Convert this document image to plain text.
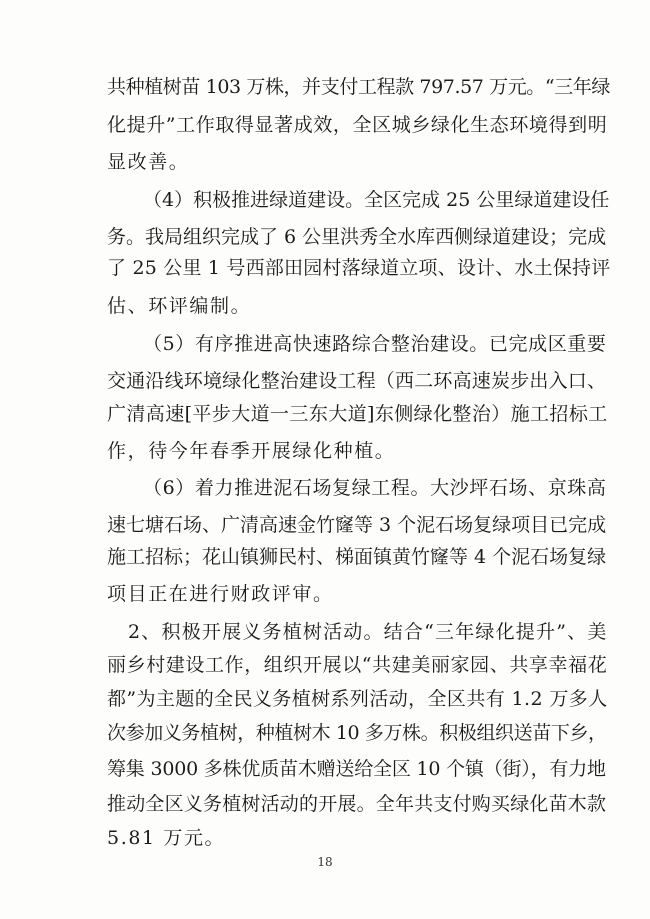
共种植树苗 103 万株，并支付工程款 797.57 万元。“三年绿
化提升”工作取得显著成效，全区城乡绿化生态环境得到明
显改善。
（4）积极推进绿道建设。全区完成 25 公里绿道建设任
务。我局组织完成了 6 公里洪秀全水库西侧绿道建设；完成
了 25 公里 1 号西部田园村落绿道立项、设计、水土保持评
估、环评编制。
（5）有序推进高快速路综合整治建设。已完成区重要
交通沿线环境绿化整治建设工程（西二环高速炭步出入口、
广清高速[平步大道一三东大道]东侧绿化整治）施工招标工
作，待今年春季开展绿化种植。
（6）着力推进泥石场复绿工程。大沙坪石场、京珠高
速七塘石场、广清高速金竹窿等 3 个泥石场复绿项目已完成
施工招标；花山镇狮民村、梯面镇黄竹窿等 4 个泥石场复绿
项目正在进行财政评审。
2、积极开展义务植树活动。结合“三年绿化提升”、美
丽乡村建设工作，组织开展以“共建美丽家园、共享幸福花
都”为主题的全民义务植树系列活动，全区共有 1.2 万多人
次参加义务植树，种植树木 10 多万株。积极组织送苗下乡，
筹集 3000 多株优质苗木赠送给全区 10 个镇（街），有力地
推动全区义务植树活动的开展。全年共支付购买绿化苗木款
5.81 万元。
18
